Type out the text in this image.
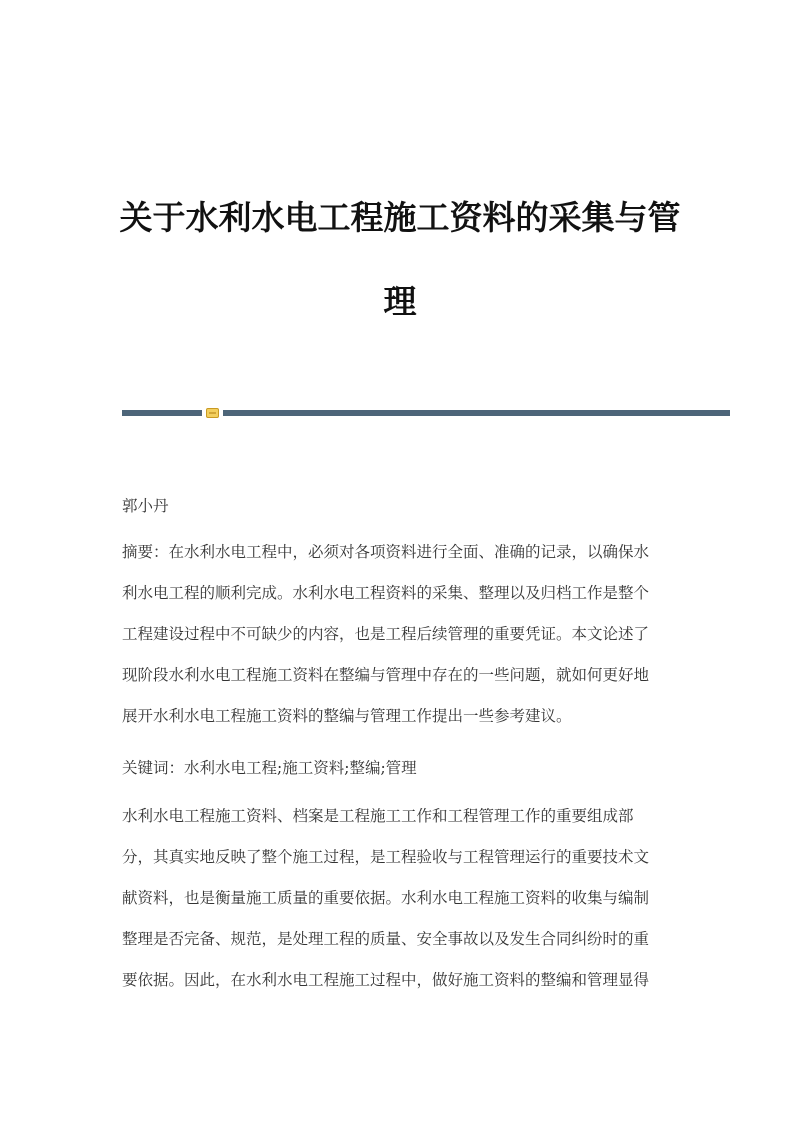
关于水利水电工程施工资料的采集与管
理

郭小丹

摘要：在水利水电工程中，必须对各项资料进行全面、准确的记录，以确保水

利水电工程的顺利完成。水利水电工程资料的采集、整理以及归档工作是整个

工程建设过程中不可缺少的内容，也是工程后续管理的重要凭证。本文论述了

现阶段水利水电工程施工资料在整编与管理中存在的一些问题，就如何更好地

展开水利水电工程施工资料的整编与管理工作提出一些参考建议。

关键词：水利水电工程;施工资料;整编;管理

水利水电工程施工资料、档案是工程施工工作和工程管理工作的重要组成部

分，其真实地反映了整个施工过程，是工程验收与工程管理运行的重要技术文

献资料，也是衡量施工质量的重要依据。水利水电工程施工资料的收集与编制

整理是否完备、规范，是处理工程的质量、安全事故以及发生合同纠纷时的重

要依据。因此，在水利水电工程施工过程中，做好施工资料的整编和管理显得
